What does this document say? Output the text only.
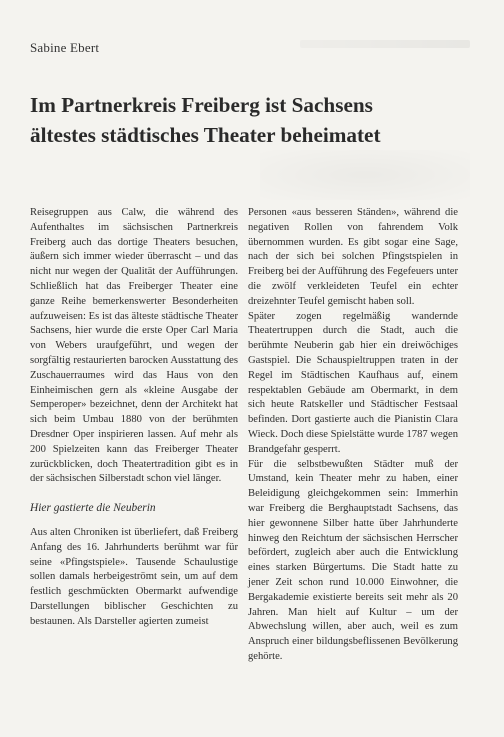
Sabine Ebert
Im Partnerkreis Freiberg ist Sachsens
ältestes städtisches Theater beheimatet

Reisegruppen aus Calw, die während des Aufenthaltes im sächsischen Partnerkreis Freiberg auch das dortige Theaters besuchen, äußern sich immer wieder überrascht – und das nicht nur wegen der Qualität der Aufführungen. Schließlich hat das Freiberger Theater eine ganze Reihe bemerkenswerter Besonderheiten aufzuweisen: Es ist das älteste städtische Theater Sachsens, hier wurde die erste Oper Carl Maria von Webers uraufgeführt, und wegen der sorgfältig restaurierten barocken Ausstattung des Zuschauerraumes wird das Haus von den Einheimischen gern als «kleine Ausgabe der Semperoper» bezeichnet, denn der Architekt hat sich beim Umbau 1880 von der berühmten Dresdner Oper inspirieren lassen. Auf mehr als 200 Spielzeiten kann das Freiberger Theater zurückblicken, doch Theatertradition gibt es in der sächsischen Silberstadt schon viel länger.

Hier gastierte die Neuberin

Aus alten Chroniken ist überliefert, daß Freiberg Anfang des 16. Jahrhunderts berühmt war für seine «Pfingstspiele». Tausende Schaulustige sollen damals herbeigeströmt sein, um auf dem festlich geschmückten Obermarkt aufwendige Darstellungen biblischer Geschichten zu bestaunen. Als Darsteller agierten zumeist

Personen «aus besseren Ständen», während die negativen Rollen von fahrendem Volk übernommen wurden. Es gibt sogar eine Sage, nach der sich bei solchen Pfingstspielen in Freiberg bei der Aufführung des Fegefeuers unter die zwölf verkleideten Teufel ein echter dreizehnter Teufel gemischt haben soll.

Später zogen regelmäßig wandernde Theatertruppen durch die Stadt, auch die berühmte Neuberin gab hier ein dreiwöchiges Gastspiel. Die Schauspieltruppen traten in der Regel im Städtischen Kaufhaus auf, einem respektablen Gebäude am Obermarkt, in dem sich heute Ratskeller und Städtischer Festsaal befinden. Dort gastierte auch die Pianistin Clara Wieck. Doch diese Spielstätte wurde 1787 wegen Brandgefahr gesperrt.

Für die selbstbewußten Städter muß der Umstand, kein Theater mehr zu haben, einer Beleidigung gleichgekommen sein: Immerhin war Freiberg die Berghauptstadt Sachsens, das hier gewonnene Silber hatte über Jahrhunderte hinweg den Reichtum der sächsischen Herrscher befördert, zugleich aber auch die Entwicklung eines starken Bürgertums. Die Stadt hatte zu jener Zeit schon rund 10.000 Einwohner, die Bergakademie existierte bereits seit mehr als 20 Jahren. Man hielt auf Kultur – um der Abwechslung willen, aber auch, weil es zum Anspruch einer bildungsbeflissenen Bevölkerung gehörte.
